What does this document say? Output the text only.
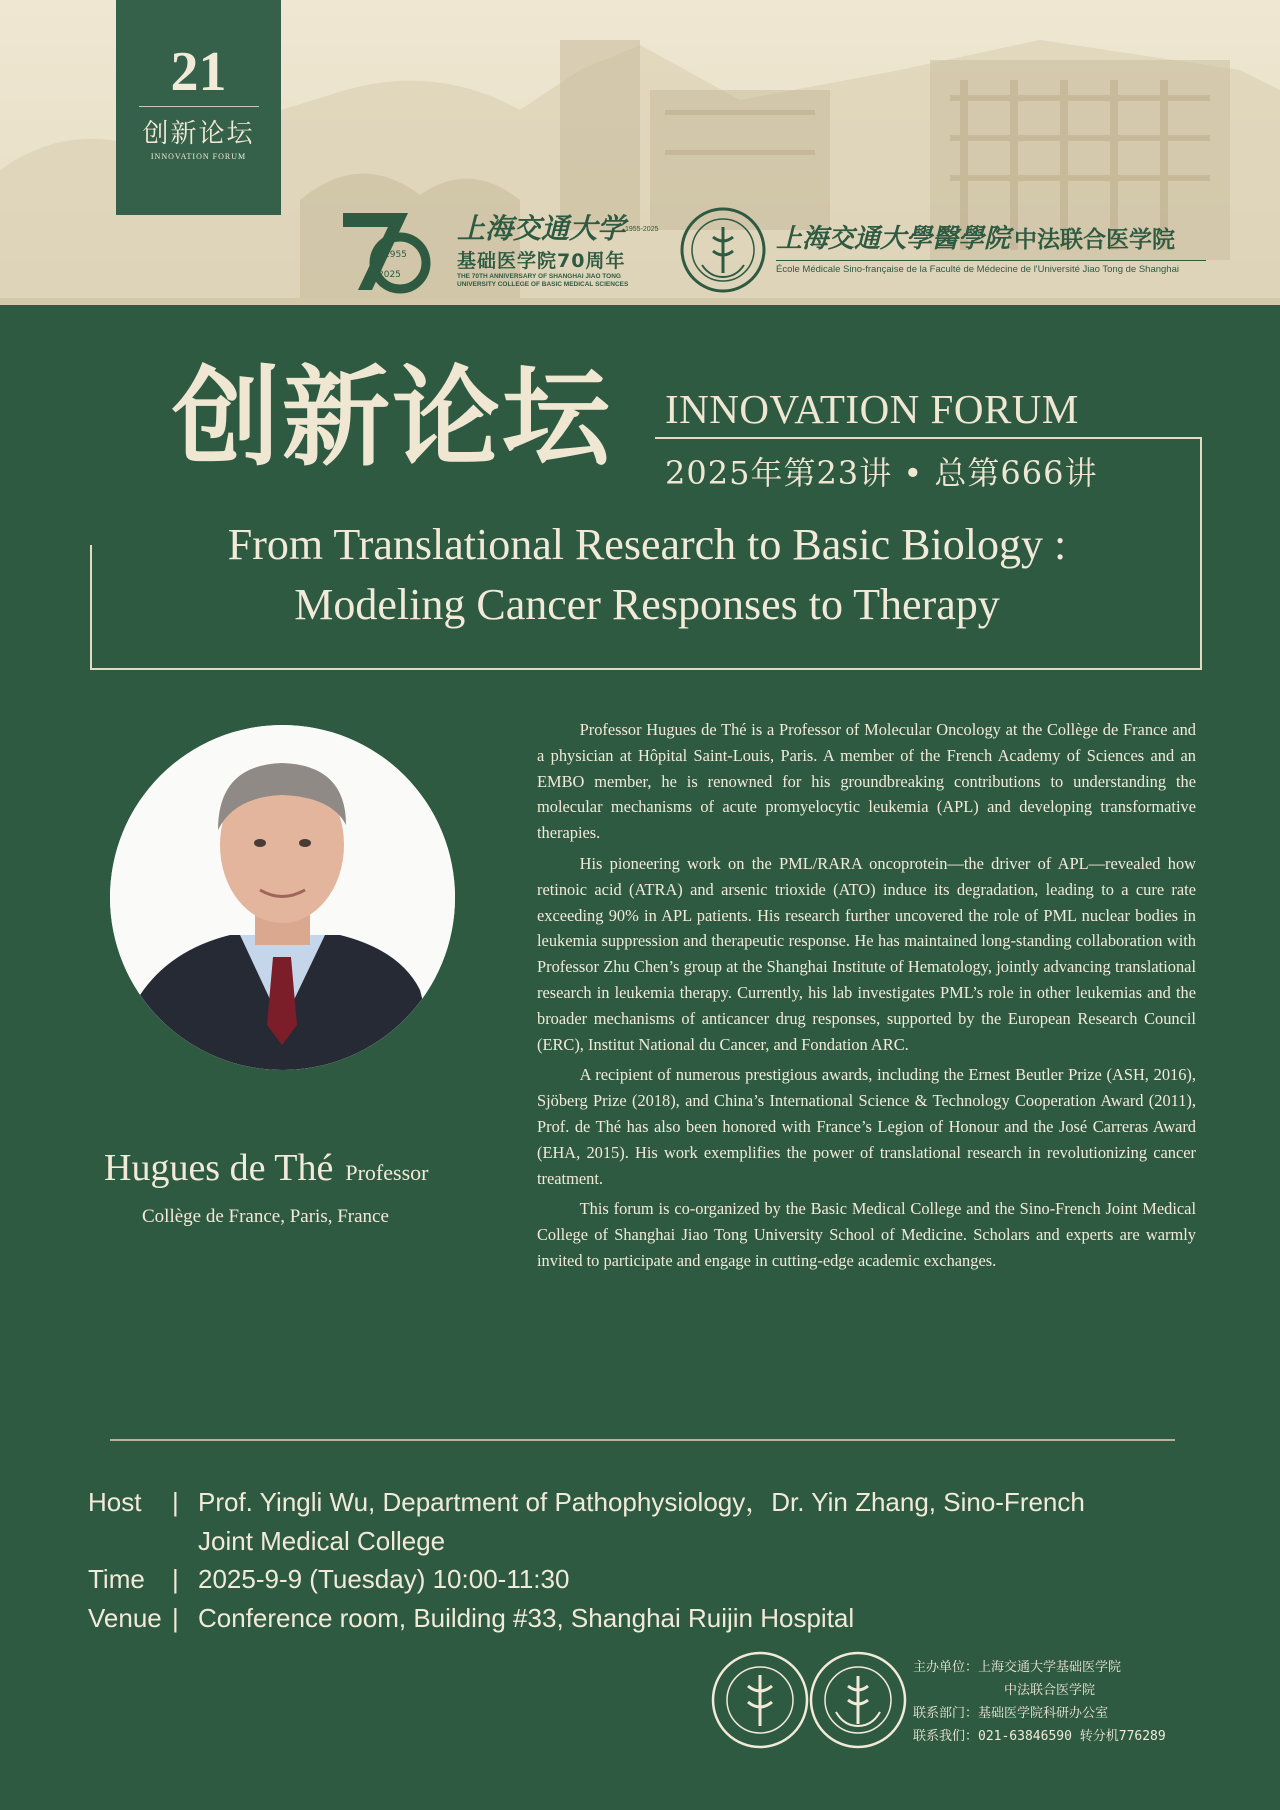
21
创新论坛
INNOVATION FORUM
1955
2025
上海交通大学 1955-2025
基础医学院70周年
THE 70TH ANNIVERSARY OF SHANGHAI JIAO TONG
UNIVERSITY COLLEGE OF BASIC MEDICAL SCIENCES
上海交通大學醫學院 中法联合医学院
École Médicale Sino-française de la Faculté de Médecine de l'Université Jiao Tong de Shanghai
创新论坛 INNOVATION FORUM
2025年第23讲 • 总第666讲
From Translational Research to Basic Biology :
Modeling Cancer Responses to Therapy
Hugues de Thé Professor
Collège de France, Paris, France

Professor Hugues de Thé is a Professor of Molecular Oncology at the Collège de France and a physician at Hôpital Saint-Louis, Paris. A member of the French Academy of Sciences and an EMBO member, he is renowned for his groundbreaking contributions to understanding the molecular mechanisms of acute promyelocytic leukemia (APL) and developing transformative therapies.

His pioneering work on the PML/RARA oncoprotein—the driver of APL—revealed how retinoic acid (ATRA) and arsenic trioxide (ATO) induce its degradation, leading to a cure rate exceeding 90% in APL patients. His research further uncovered the role of PML nuclear bodies in leukemia suppression and therapeutic response. He has maintained long-standing collaboration with Professor Zhu Chen’s group at the Shanghai Institute of Hematology, jointly advancing translational research in leukemia therapy. Currently, his lab investigates PML’s role in other leukemias and the broader mechanisms of anticancer drug responses, supported by the European Research Council (ERC), Institut National du Cancer, and Fondation ARC.

A recipient of numerous prestigious awards, including the Ernest Beutler Prize (ASH, 2016), Sjöberg Prize (2018), and China’s International Science & Technology Cooperation Award (2011), Prof. de Thé has also been honored with France’s Legion of Honour and the José Carreras Award (EHA, 2015). His work exemplifies the power of translational research in revolutionizing cancer treatment.

This forum is co-organized by the Basic Medical College and the Sino-French Joint Medical College of Shanghai Jiao Tong University School of Medicine. Scholars and experts are warmly invited to participate and engage in cutting-edge academic exchanges.

Host	| Prof. Yingli Wu, Department of Pathophysiology，Dr. Yin Zhang, Sino-French
Joint Medical College
Time	| 2025-9-9 (Tuesday) 10:00-11:30
Venue | Conference room, Building #33, Shanghai Ruijin Hospital
主办单位：上海交通大学基础医学院
中法联合医学院
联系部门：基础医学院科研办公室
联系我们：021-63846590 转分机776289
